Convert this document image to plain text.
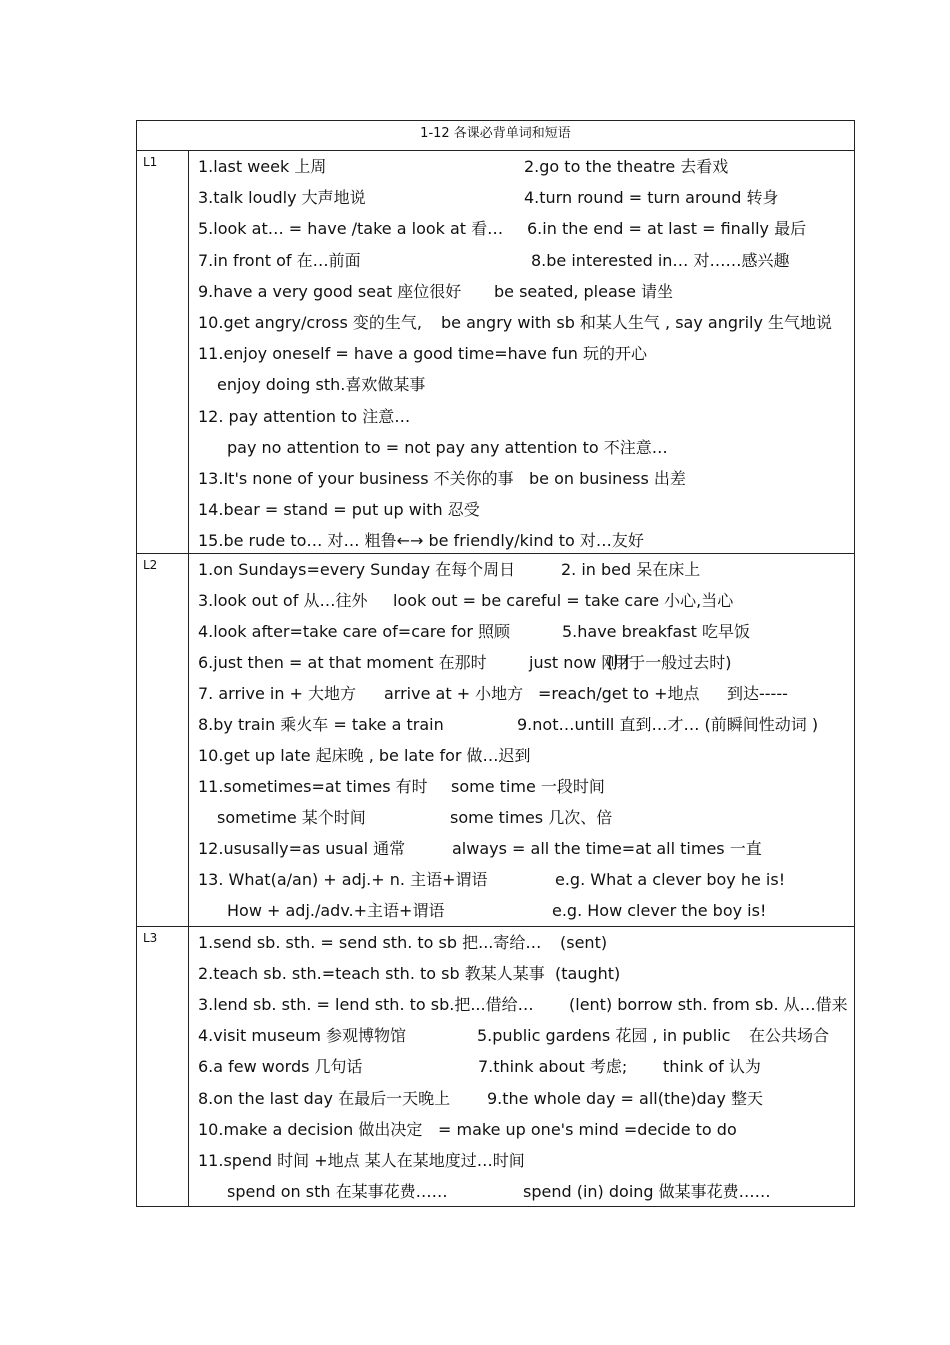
1-12 各课必背单词和短语
L1	1.last week 上周	2.go to the theatre 去看戏
3.talk loudly 大声地说	4.turn round = turn around 转身
5.look at… = have /take a look at 看… 6.in the end = at last = finally 最后
7.in front of 在…前面	8.be interested in… 对……感兴趣
9.have a very good seat 座位很好 be seated, please 请坐
10.get angry/cross 变的生气, be angry with sb 和某人生气 , say angrily 生气地说
11.enjoy oneself = have a good time=have fun 玩的开心
enjoy doing sth.喜欢做某事
12. pay attention to 注意…
pay no attention to = not pay any attention to 不注意…
13.It's none of your business 不关你的事 be on business 出差
14.bear = stand = put up with 忍受
15.be rude to… 对… 粗鲁←→ be friendly/kind to 对…友好
L2	1.on Sundays=every Sunday 在每个周日	2. in bed 呆在床上
3.look out of 从…往外 look out = be careful = take care 小心,当心
4.look after=take care of=care for 照顾	5.have breakfast 吃早饭
6.just then = at that moment 在那时	just now 刚才
(用于一般过去时)
7. arrive in + 大地方 arrive at + 小地方 =reach/get to +地点 到达-----
8.by train 乘火车 = take a train	9.not…untill 直到…才… (前瞬间性动词 )
10.get up late 起床晚 , be late for 做…迟到
11.sometimes=at times 有时 some time 一段时间
sometime 某个时间	some times 几次、倍
12.ususally=as usual 通常	always = all the time=at all times 一直
13. What(a/an) + adj.+ n. 主语+谓语	e.g. What a clever boy he is!
How + adj./adv.+主语+谓语	e.g. How clever the boy is!
L3	1.send sb. sth. = send sth. to sb 把...寄给… (sent)
2.teach sb. sth.=teach sth. to sb 教某人某事 (taught)
3.lend sb. sth. = lend sth. to sb.把...借给… (lent) borrow sth. from sb. 从…借来
4.visit museum 参观博物馆	5.public gardens 花园 , in public 在公共场合
6.a few words 几句话	7.think about 考虑; think of 认为
8.on the last day 在最后一天晚上 9.the whole day = all(the)day 整天
10.make a decision 做出决定 = make up one's mind =decide to do
11.spend 时间 +地点 某人在某地度过…时间
spend on sth 在某事花费……	spend (in) doing 做某事花费……
